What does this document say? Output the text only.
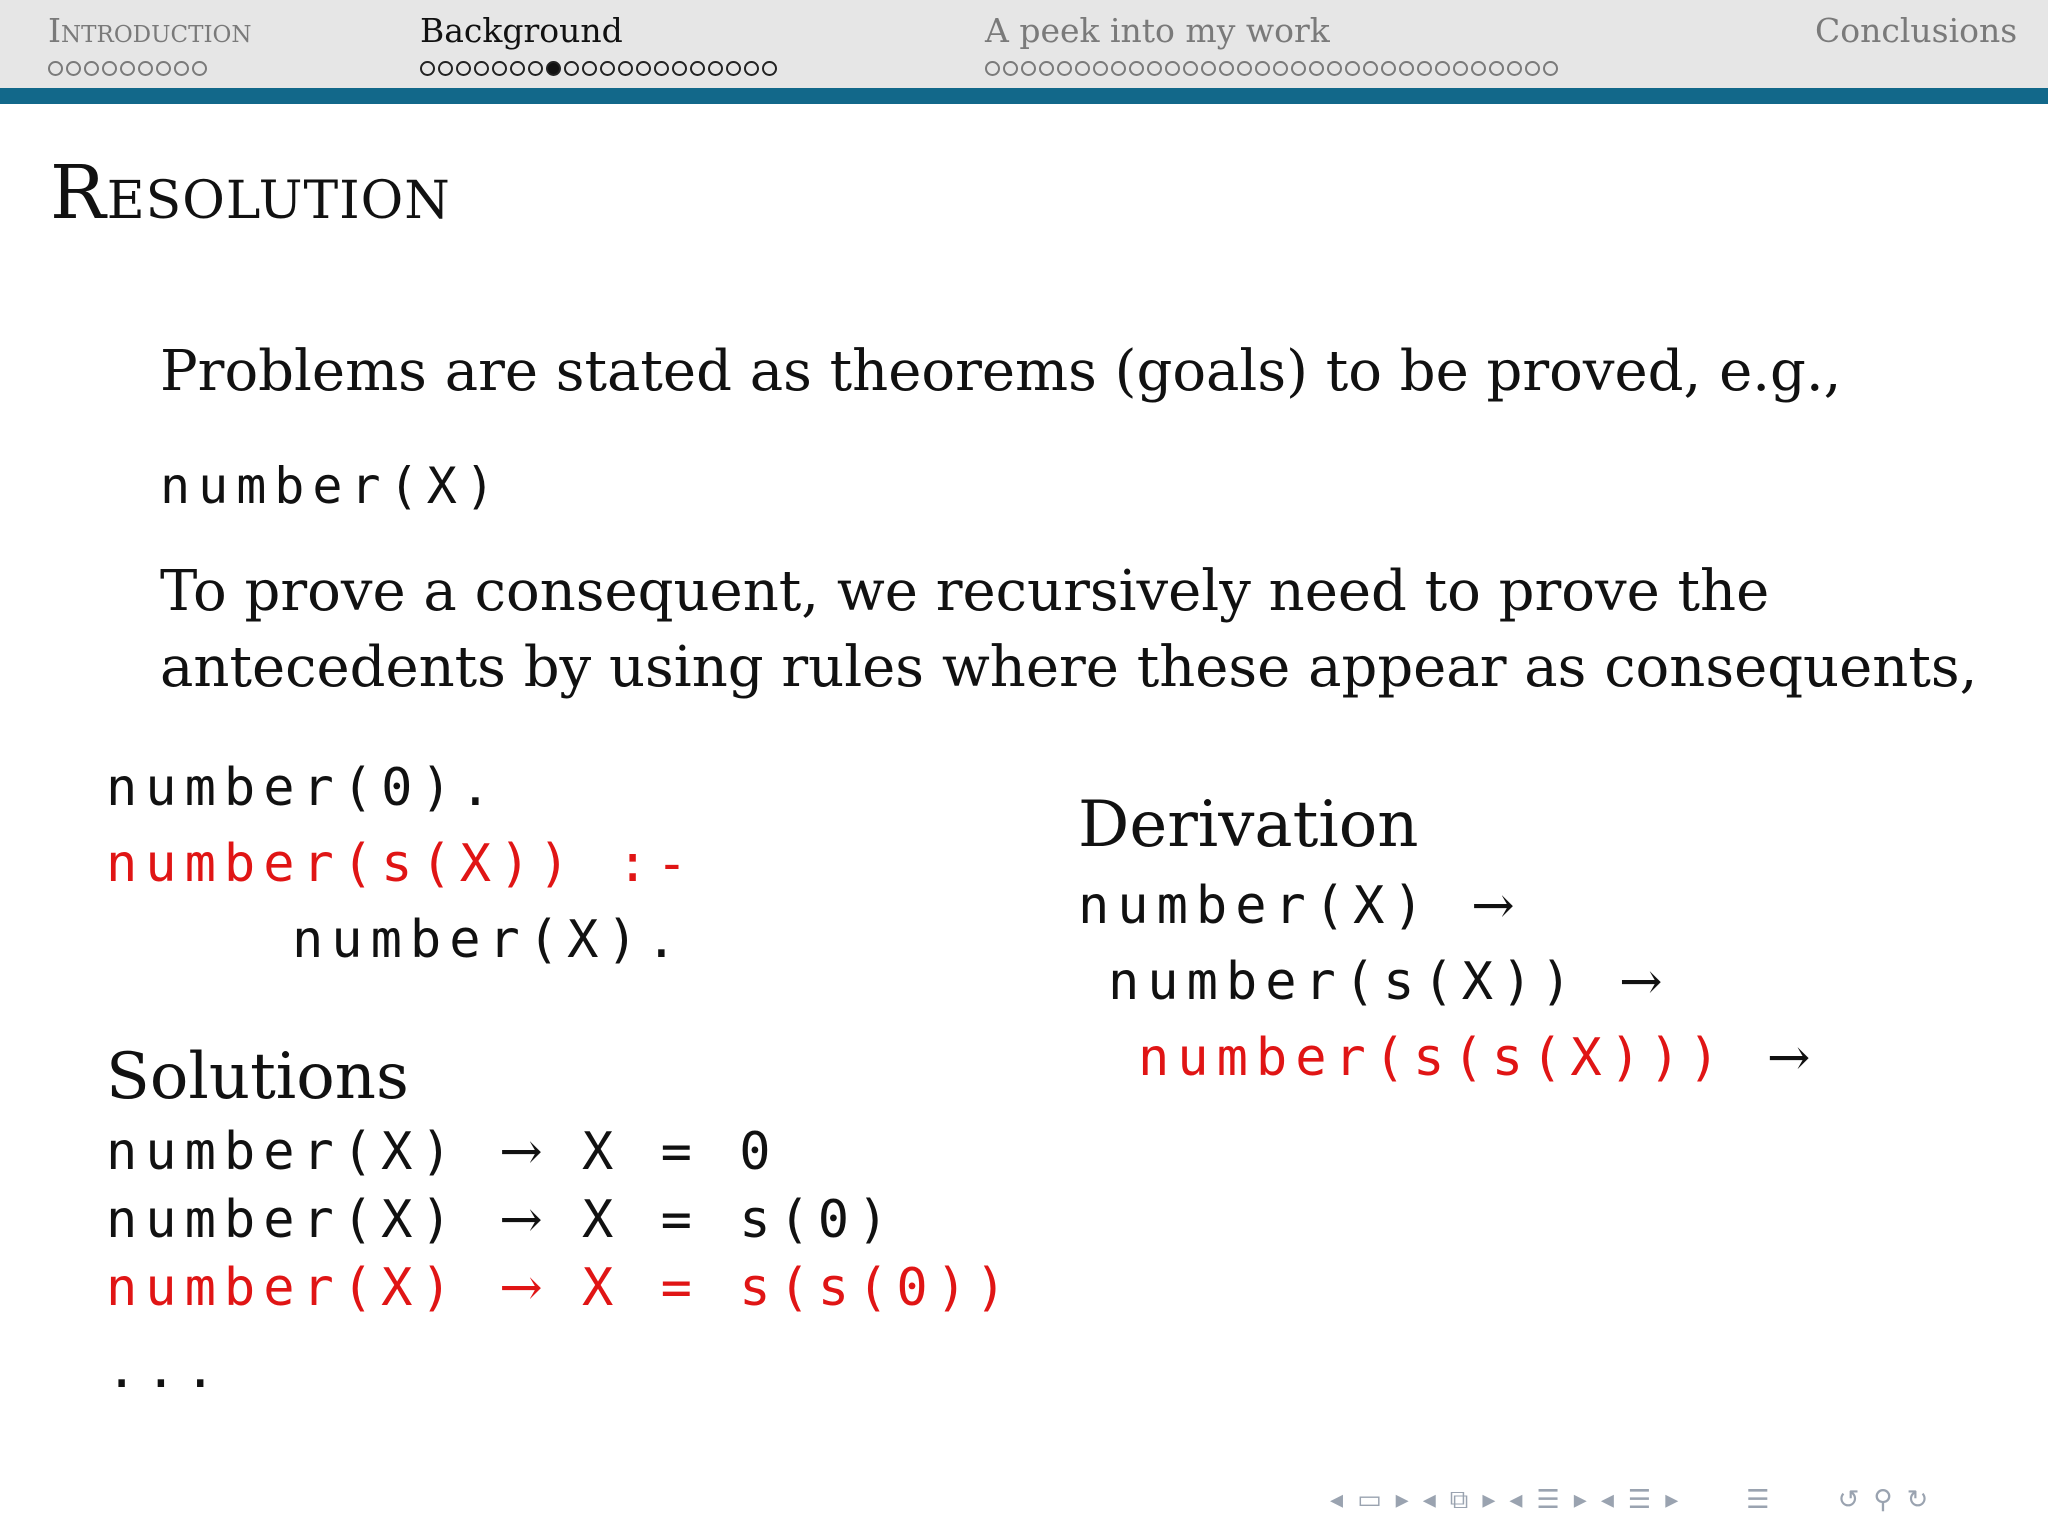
Introduction	Background	A peek into my work	Conclusions
Resolution
Problems are stated as theorems (goals) to be proved, e.g.,
number(X)
To prove a consequent, we recursively need to prove the
antecedents by using rules where these appear as consequents,
number(0).
number(s(X)) :-
number(X).
Solutions
number(X) → X = 0
number(X) → X = s(0)
number(X) → X = s(s(0))
...
Derivation
number(X) →
number(s(X)) →
number(s(s(X))) →
◂ ▭ ▸ ◂ ⧉ ▸ ◂ ☰ ▸ ◂ ☰ ▸	☰	↺ ⚲ ↻
